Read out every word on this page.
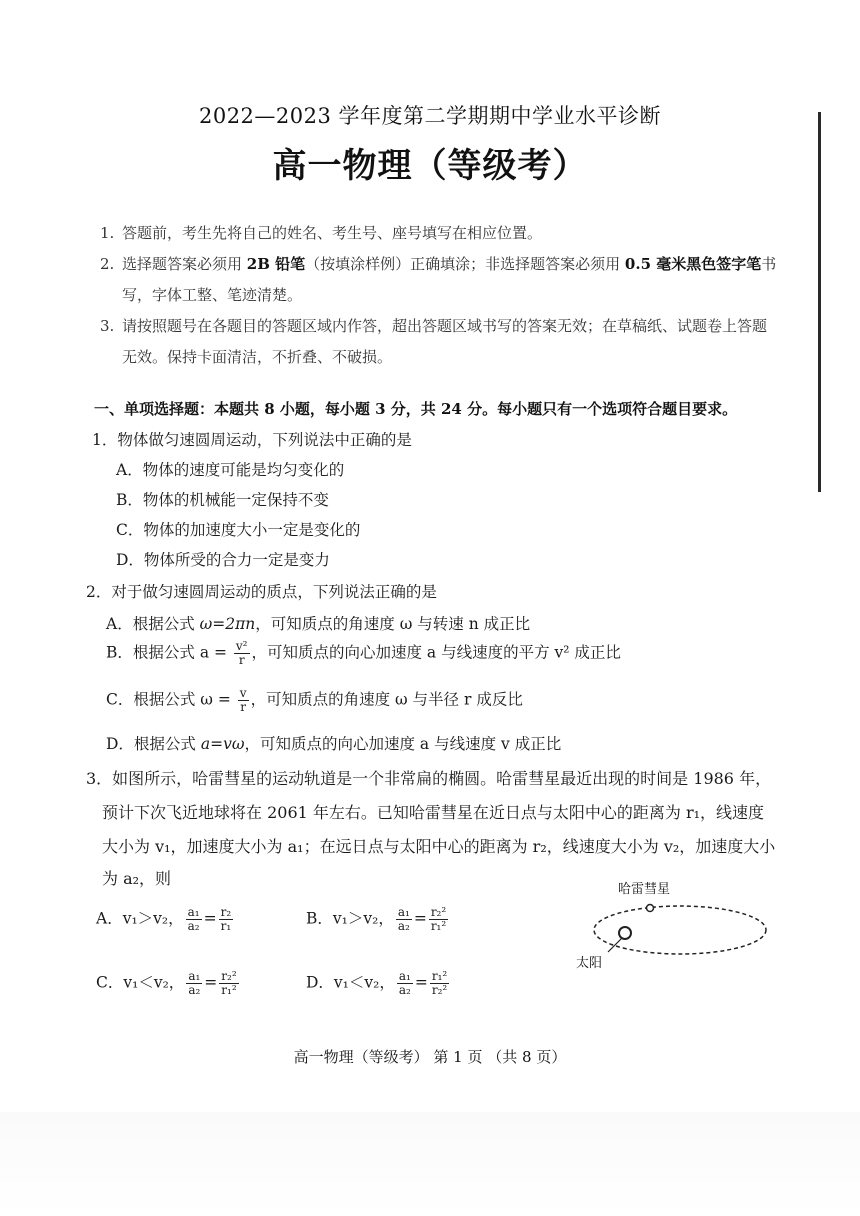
2022—2023 学年度第二学期期中学业水平诊断
高一物理（等级考）
1. 答题前，考生先将自己的姓名、考生号、座号填写在相应位置。
2. 选择题答案必须用 2B 铅笔（按填涂样例）正确填涂；非选择题答案必须用 0.5 毫米黑色签字笔书写，字体工整、笔迹清楚。
3. 请按照题号在各题目的答题区域内作答，超出答题区域书写的答案无效；在草稿纸、试题卷上答题无效。保持卡面清洁，不折叠、不破损。
一、单项选择题：本题共 8 小题，每小题 3 分，共 24 分。每小题只有一个选项符合题目要求。
1．物体做匀速圆周运动，下列说法中正确的是
A．物体的速度可能是均匀变化的
B．物体的机械能一定保持不变
C．物体的加速度大小一定是变化的
D．物体所受的合力一定是变力
2．对于做匀速圆周运动的质点，下列说法正确的是
A．根据公式 ω=2πn，可知质点的角速度 ω 与转速 n 成正比
B．根据公式 $a = \frac{\text{v²}}{r}$ ，可知质点的向心加速度 a 与线速度的平方 v² 成正比
C．根据公式 $\omega = \frac{v}{r}$ ，可知质点的角速度 ω 与半径 r 成反比
D．根据公式 a=vω，可知质点的向心加速度 a 与线速度 v 成正比
3．如图所示，哈雷彗星的运动轨道是一个非常扁的椭圆。哈雷彗星最近出现的时间是 1986 年，
预计下次飞近地球将在 2061 年左右。已知哈雷彗星在近日点与太阳中心的距离为 r₁，线速度
大小为 v₁，加速度大小为 a₁；在远日点与太阳中心的距离为 r₂，线速度大小为 v₂，加速度大小
为 a₂，则
A．v₁＞v₂， $\frac{\text{a₁}}{\text{a₂}} = \frac{\text{r₂}}{\text{r₁}}$	B．v₁＞v₂， $\frac{\text{a₁}}{\text{a₂}} = \frac{\text{r₂²}}{\text{r₁²}}$
C．v₁＜v₂， $\frac{\text{a₁}}{\text{a₂}} = \frac{\text{r₂²}}{\text{r₁²}}$	D．v₁＜v₂， $\frac{\text{a₁}}{\text{a₂}} = \frac{\text{r₁²}}{\text{r₂²}}$
哈雷彗星
太阳
高一物理（等级考） 第 1 页 （共 8 页）
